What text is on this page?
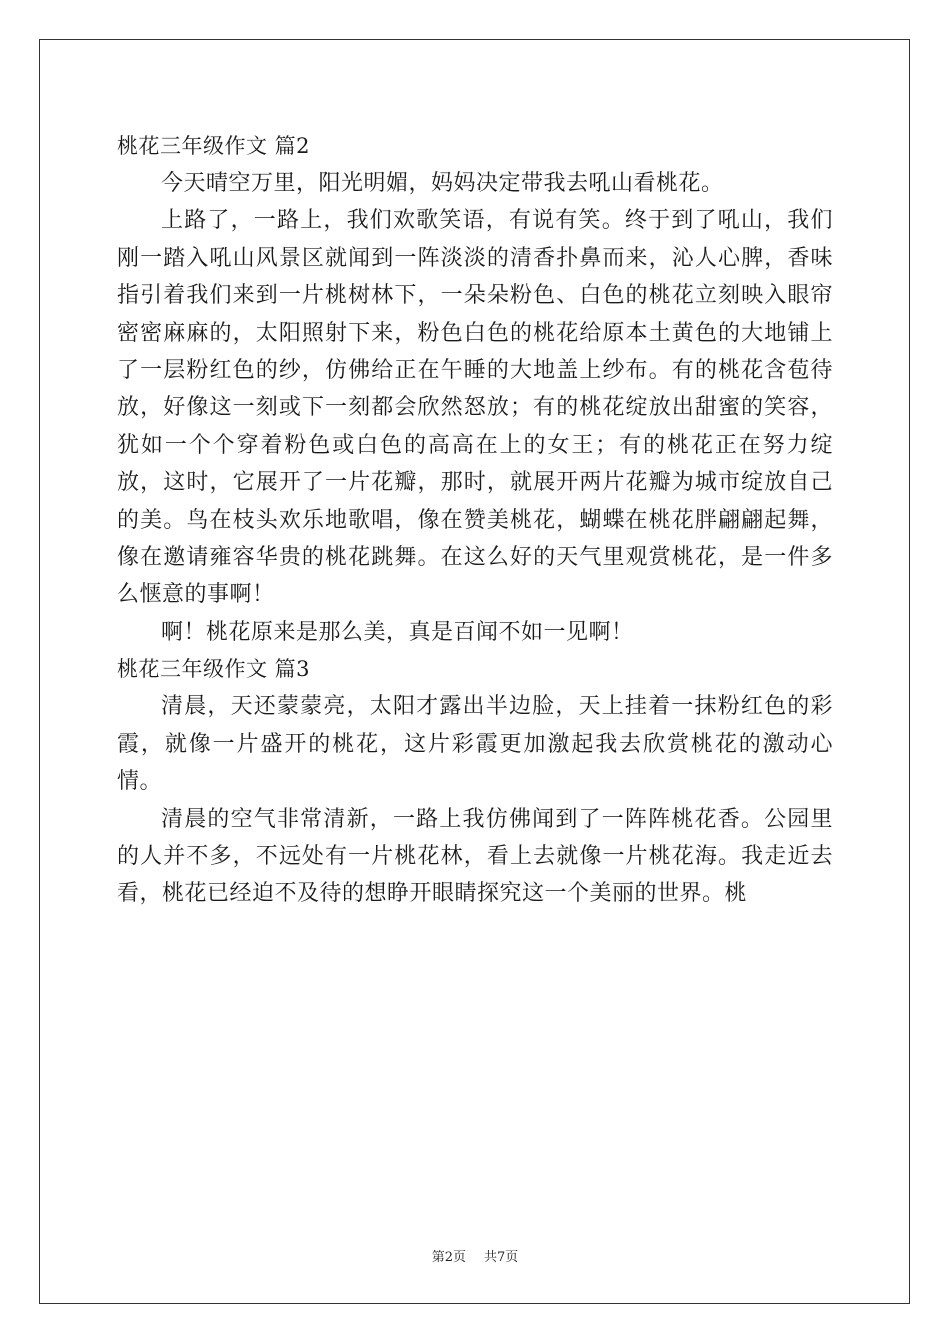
桃花三年级作文 篇2

今天晴空万里，阳光明媚，妈妈决定带我去吼山看桃花。

上路了，一路上，我们欢歌笑语，有说有笑。终于到了吼山，我们刚一踏入吼山风景区就闻到一阵淡淡的清香扑鼻而来，沁人心脾，香味指引着我们来到一片桃树林下，一朵朵粉色、白色的桃花立刻映入眼帘密密麻麻的，太阳照射下来，粉色白色的桃花给原本土黄色的大地铺上了一层粉红色的纱，仿佛给正在午睡的大地盖上纱布。有的桃花含苞待放，好像这一刻或下一刻都会欣然怒放；有的桃花绽放出甜蜜的笑容，犹如一个个穿着粉色或白色的高高在上的女王；有的桃花正在努力绽放，这时，它展开了一片花瓣，那时，就展开两片花瓣为城市绽放自己的美。鸟在枝头欢乐地歌唱，像在赞美桃花，蝴蝶在桃花胖翩翩起舞，像在邀请雍容华贵的桃花跳舞。在这么好的天气里观赏桃花，是一件多么惬意的事啊！

啊！桃花原来是那么美，真是百闻不如一见啊！

桃花三年级作文 篇3

清晨，天还蒙蒙亮，太阳才露出半边脸，天上挂着一抹粉红色的彩霞，就像一片盛开的桃花，这片彩霞更加激起我去欣赏桃花的激动心情。

清晨的空气非常清新，一路上我仿佛闻到了一阵阵桃花香。公园里的人并不多，不远处有一片桃花林，看上去就像一片桃花海。我走近去看，桃花已经迫不及待的想睁开眼睛探究这一个美丽的世界。桃

第2页 共7页
